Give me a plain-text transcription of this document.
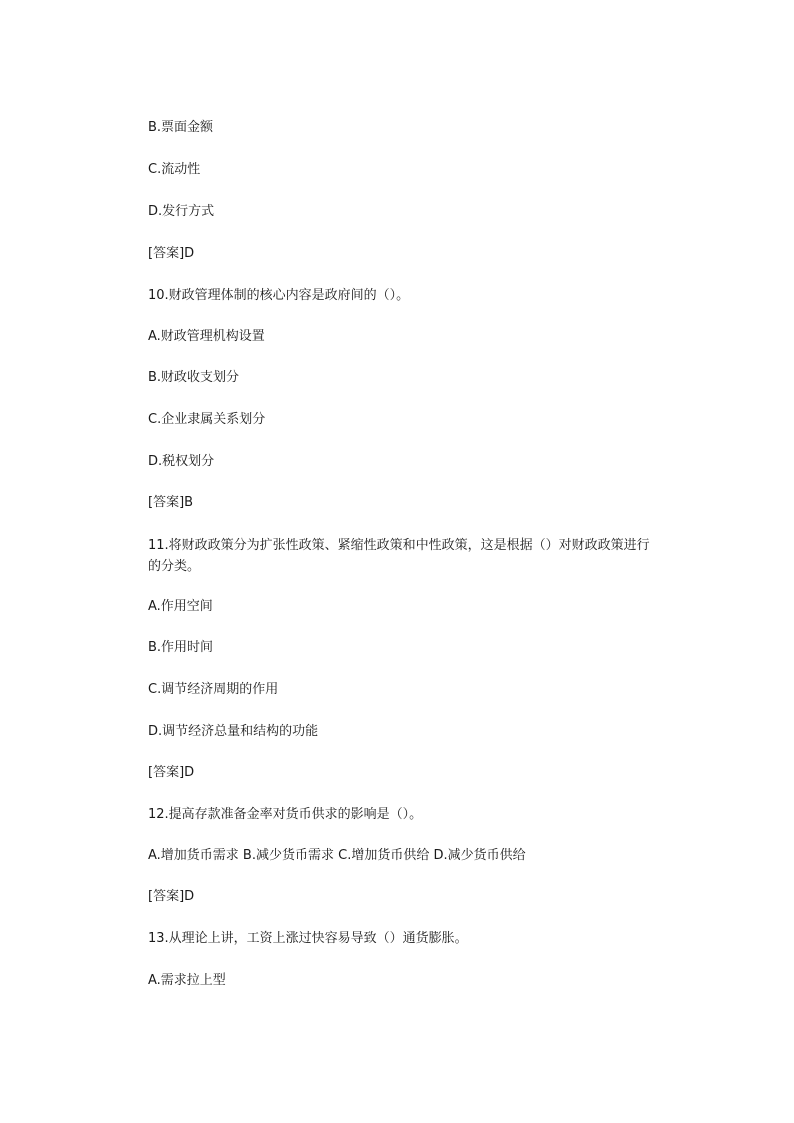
B.票面金额
C.流动性
D.发行方式
[答案]D
10.财政管理体制的核心内容是政府间的（）。
A.财政管理机构设置
B.财政收支划分
C.企业隶属关系划分
D.税权划分
[答案]B
11.将财政政策分为扩张性政策、紧缩性政策和中性政策，这是根据（）对财政政策进行的分类。
A.作用空间
B.作用时间
C.调节经济周期的作用
D.调节经济总量和结构的功能
[答案]D
12.提高存款准备金率对货币供求的影响是（）。
A.增加货币需求 B.减少货币需求 C.增加货币供给 D.减少货币供给
[答案]D
13.从理论上讲，工资上涨过快容易导致（）通货膨胀。
A.需求拉上型
